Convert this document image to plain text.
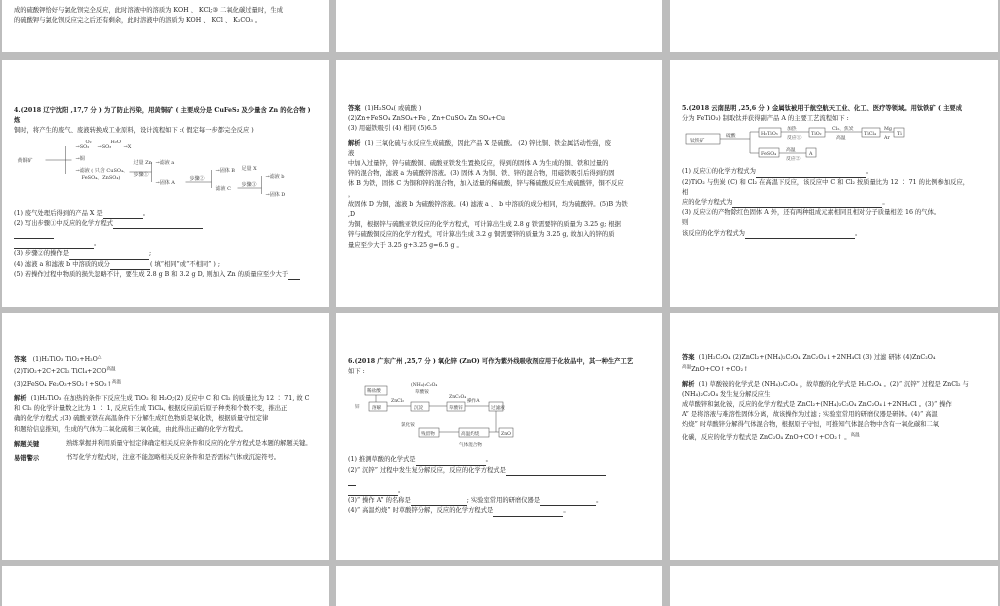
成的硫酸钾恰好与氯化钡完全反应，此时溶液中的溶质为 KOH 、 KCl;③ 二氧化碳过量时，生成

的硫酸钾与氯化钡反应完之后还有剩余，此时溶液中的溶质为 KOH 、 KCl 、 K₂CO₃ 。

4.(2018 辽宁沈阳 ,17,7 分 ) 为了防止污染，用黄铜矿 ( 主要成分是 CuFeS₂ 及少量含 Zn 的化合物 ) 炼

铜时，将产生的废气、废液转换成工业原料，设计流程如下 :( 假定每一步都完全反应 )

黄铜矿
→SO₂
O₂
→SO₃
H₂O
→X
→铜
→滤液 ( 只含 CuSO₄、
FeSO₄、ZnSO₄)
过量 Zn
步骤①
→滤液 a
→固体 A
步骤②
→固体 B
滤液 C
足量 X
步骤③
→滤液 b
→固体 D

(1) 废气处理后得到的产品 X 是	。

(2) 写出步骤①中反应的化学方程式

。

(3) 步骤②的操作是	;

(4) 滤液 a 和滤液 b 中溶质的成分	( 填“相同”或“不相同” ) ;

(5) 若操作过程中物质的损失忽略不计，要生成 2.8 g B 和 3.2 g D, 则加入 Zn 的质量应至少大于

答案 (1)H₂SO₄( 或硫酸 )

(2)Zn+FeSO₄ ZnSO₄+Fe , Zn+CuSO₄ Zn SO₄+Cu

(3) 用磁铁吸引 (4) 相同 (5)6.5

解析 (1) 三氧化硫与水反应生成硫酸，因此产品 X 是硫酸。 (2) 锌比铜、铁金属活动性强，废

液

中加入过量锌，锌与硫酸铜、硫酸亚铁发生置换反应，得到的固体 A 为生成的铜、铁和过量的

锌的混合物，滤液 a 为硫酸锌溶液。(3) 固体 A 为铜、铁、锌的混合物，用磁铁吸引后得到的固

体 B 为铁，固体 C 为铜和锌的混合物，加入适量的稀硫酸，锌与稀硫酸反应生成硫酸锌，铜不反应

，

故固体 D 为铜，滤液 b 为硫酸锌溶液。(4) 滤液 a 、 b 中溶质的成分相同，均为硫酸锌。(5)B 为铁

,D

为铜，根据锌与硫酸亚铁反应的化学方程式，可计算出生成 2.8 g 铁需要锌的质量为 3.25 g; 根据

锌与硫酸铜反应的化学方程式，可计算出生成 3.2 g 铜需要锌的质量为 3.25 g, 故加入的锌的质

量应至少大于 3.25 g+3.25 g=6.5 g 。

5.(2018 云南昆明 ,25,6 分 ) 金属钛被用于航空航天工业、化工、医疗等领域。用钛铁矿 ( 主要成

分为 FeTiO₃) 制取钛并获得副产品 A 的主要工艺流程如下 :

钛铁矿
硫酸	H₂TiO₃
加热
反应①
TiO₂
Cl₂、焦炭
高温
TiCl₄
Mg
Ar
Ti
FeSO₄
高温
反应②
A

(1) 反应①的化学方程式为	。

(2)TiO₂ 与焦炭 (C) 和 Cl₂ 在高温下反应，该反应中 C 和 Cl₂ 按质量比为 12 ∶ 71 的比例参加反应，

相

应的化学方程式为	。

(3) 反应②的产物除红色固体 A 外，还有两种组成元素相同且相对分子质量相差 16 的气体。

则

该反应的化学方程式为	。

答案 (1)H₂TiO₃ TiO₂+H₂O△

(2)TiO₂+2C+2Cl₂ $TiCl_4+2CO^{高温}$

(3)2FeSO₄ Fe₂O₃+SO₂↑+SO₃↑$^{高温}$

解析 (1)H₂TiO₃ 在加热的条件下反应生成 TiO₂ 和 H₂O;(2) 反应中 C 和 Cl₂ 的质量比为 12 ∶ 71, 故 C

和 Cl₂ 的化学计量数之比为 1 ∶ 1, 反应后生成 TiCl₄, 根据反应前后原子种类和个数不变，推出正

确的化学方程式 ;(3) 硫酸亚铁在高温条件下分解生成红色物质是氧化铁，根据质量守恒定律

和题给信息推知，生成的气体为二氧化硫和三氧化硫，由此得出正确的化学方程式。

解题关键	熟练掌握并利用质量守恒定律确定相关反应条件和反应的化学方程式是本题的解题关键。
易错警示	书写化学方程式时，注意不能忽略相关反应条件和是否需标气体或沉淀符号。

6.(2018 广东广州 ,25,7 分 ) 氧化锌 (ZnO) 可作为紫外线吸收剂应用于化妆品中，其一种生产工艺

如下 :

稀盐酸
(NH₄)₂C₂O₄
草酸铵
锌	溶解
ZnCl₂
沉淀
ZnC₂O₄
草酸锌
操作A
过滤液
高温灼烧	ZnO
氯化铵
残留物
气体混合物

(1) 推测草酸的化学式是	。

(2)“ 沉锌” 过程中发生复分解反应，反应的化学方程式是

。

(3)“ 操作 A” 的名称是	; 实验室常用的研磨仪器是	。

(4)“ 高温灼烧” 时草酸锌分解，反应的化学方程式是	。

答案 (1)H₂C₂O₄ (2)ZnCl₂+(NH₄)₂C₂O₄ ZnC₂O₄↓+2NH₄Cl (3) 过滤 研钵 (4)ZnC₂O₄

$^{高温}$ZnO+CO↑+CO₂↑

解析 (1) 草酸铵的化学式是 (NH₄)₂C₂O₄ ，故草酸的化学式是 H₂C₂O₄ 。(2)“ 沉锌” 过程是 ZnCl₂ 与 (NH₄)₂C₂O₄ 发生复分解反应生

成草酸锌和氯化铵，反应的化学方程式是 ZnCl₂+(NH₄)₂C₂O₄ ZnC₂O₄↓+2NH₄Cl 。(3)“ 操作

A” 是将溶液与难溶性固体分离，故该操作为过滤 ; 实验室常用的研磨仪器是研钵。(4)“ 高温

灼烧” 时草酸锌分解得气体混合物，根据原子守恒，可推知气体混合物中含有一氧化碳和二氧

化碳，反应的化学方程式是 ZnC₂O₄ ZnO+CO↑+CO₂↑ 。$^{高温}$
